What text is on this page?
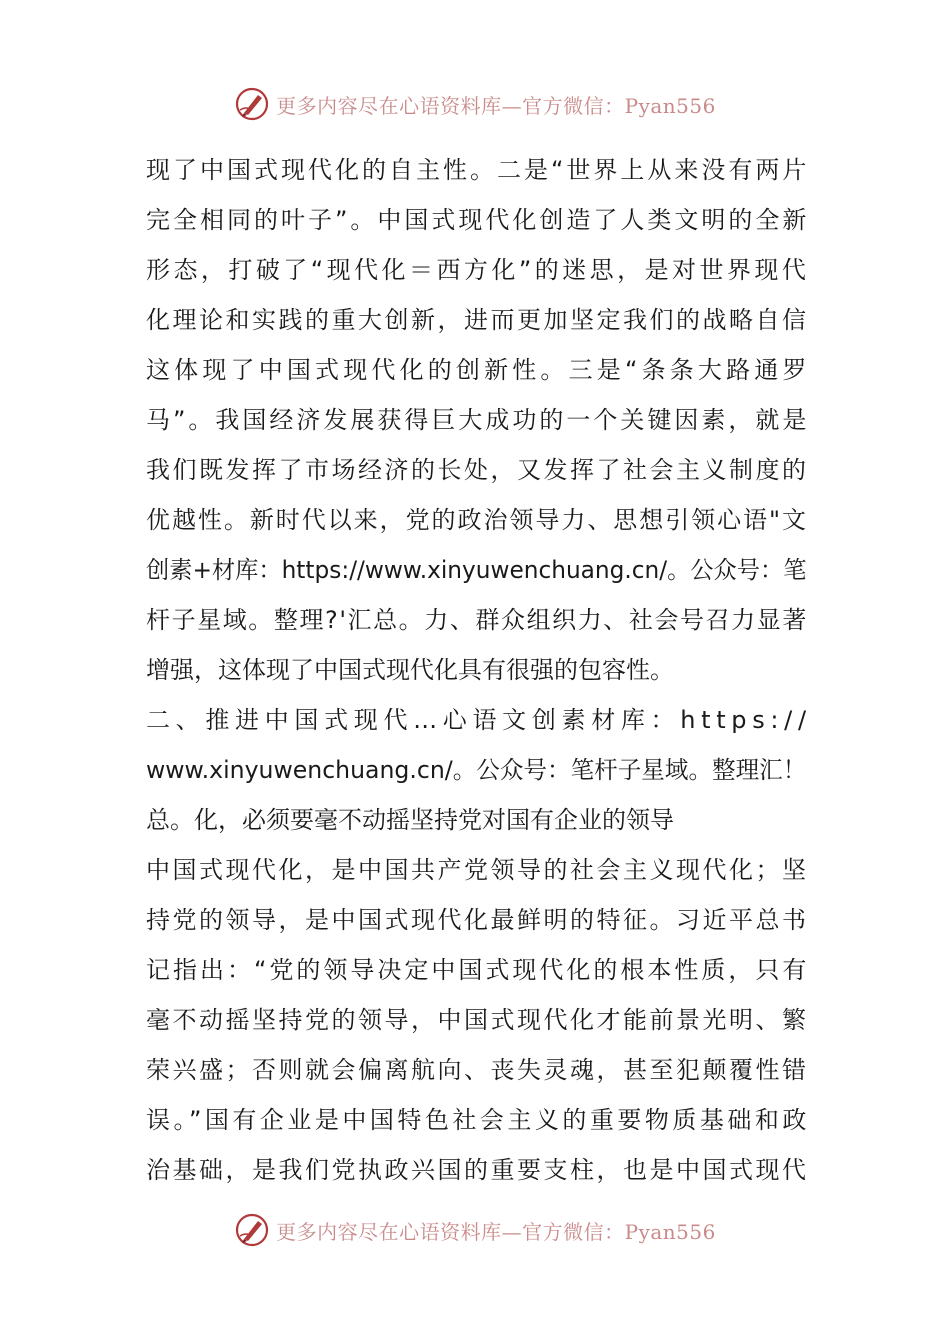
更多内容尽在心语资料库—官方微信：Pyan556
现了中国式现代化的自主性。二是“世界上从来没有两片
完全相同的叶子”。中国式现代化创造了人类文明的全新
形态，打破了“现代化＝西方化”的迷思，是对世界现代
化理论和实践的重大创新，进而更加坚定我们的战略自信
这体现了中国式现代化的创新性。三是“条条大路通罗
马”。我国经济发展获得巨大成功的一个关键因素，就是
我们既发挥了市场经济的长处，又发挥了社会主义制度的
优越性。新时代以来，党的政治领导力、思想引领心语"文
创素+材库：https://www.xinyuwenchuang.cn/。公众号：笔
杆子星域。整理?'汇总。力、群众组织力、社会号召力显著
增强，这体现了中国式现代化具有很强的包容性。
二、推进中国式现代…心语文创素材库：https://
www.xinyuwenchuang.cn/。公众号：笔杆子星域。整理汇！
总。化，必须要毫不动摇坚持党对国有企业的领导
中国式现代化，是中国共产党领导的社会主义现代化；坚
持党的领导，是中国式现代化最鲜明的特征。习近平总书
记指出：“党的领导决定中国式现代化的根本性质，只有
毫不动摇坚持党的领导，中国式现代化才能前景光明、繁
荣兴盛；否则就会偏离航向、丧失灵魂，甚至犯颠覆性错
误。”国有企业是中国特色社会主义的重要物质基础和政
治基础，是我们党执政兴国的重要支柱，也是中国式现代
更多内容尽在心语资料库—官方微信：Pyan556
